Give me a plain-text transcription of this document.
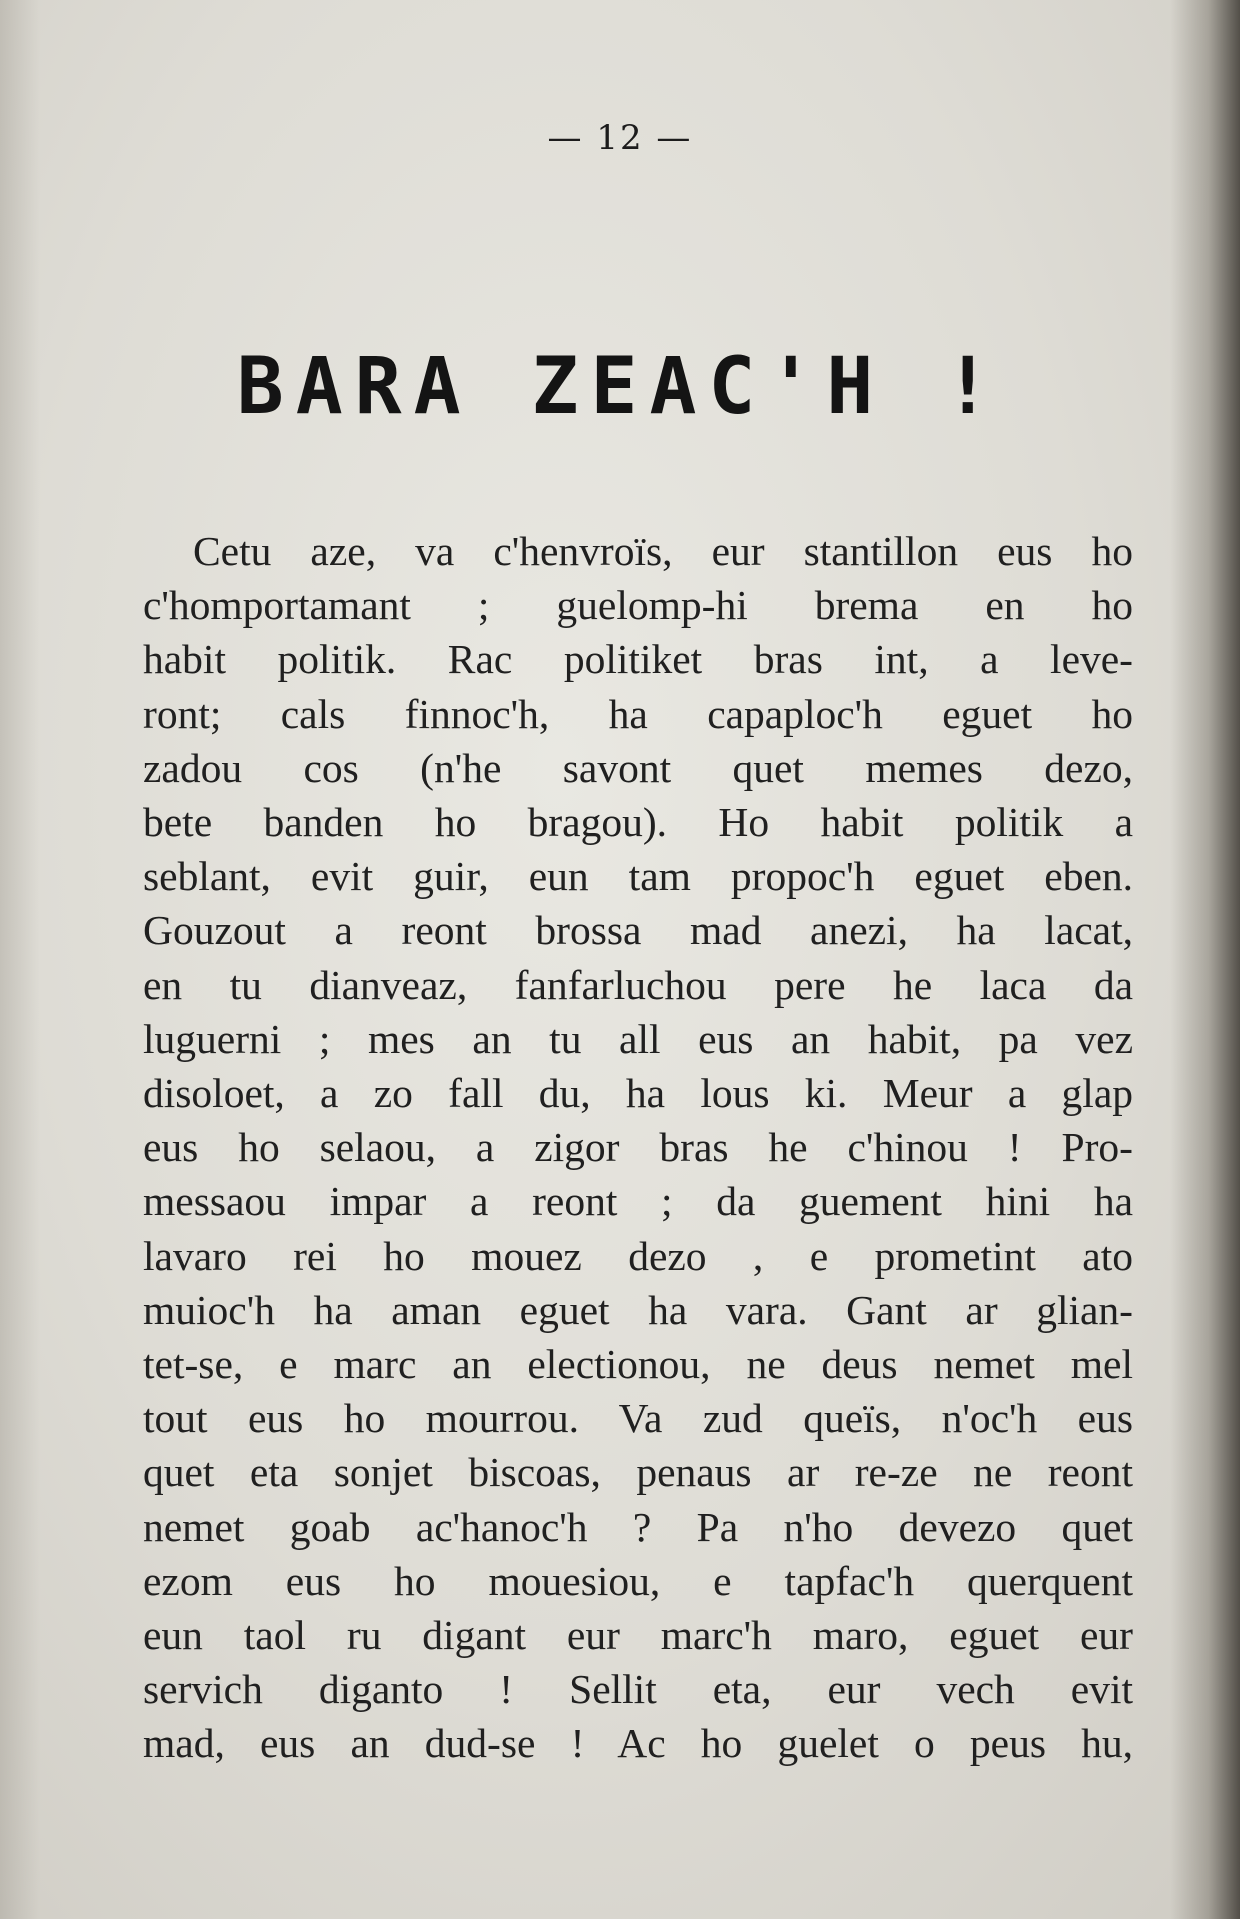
— 12 —
BARA ZEAC'H !
Cetu aze, va c'henvroïs, eur stantillon eus ho
c'homportamant ; guelomp-hi brema en ho
habit politik. Rac politiket bras int, a leve-
ront; cals finnoc'h, ha capaploc'h eguet ho
zadou cos (n'he savont quet memes dezo,
bete banden ho bragou). Ho habit politik a
seblant, evit guir, eun tam propoc'h eguet eben.
Gouzout a reont brossa mad anezi, ha lacat,
en tu dianveaz, fanfarluchou pere he laca da
luguerni ; mes an tu all eus an habit, pa vez
disoloet, a zo fall du, ha lous ki. Meur a glap
eus ho selaou, a zigor bras he c'hinou ! Pro-
messaou impar a reont ; da guement hini ha
lavaro rei ho mouez dezo , e prometint ato
muioc'h ha aman eguet ha vara. Gant ar glian-
tet-se, e marc an electionou, ne deus nemet mel
tout eus ho mourrou. Va zud queïs, n'oc'h eus
quet eta sonjet biscoas, penaus ar re-ze ne reont
nemet goab ac'hanoc'h ? Pa n'ho devezo quet
ezom eus ho mouesiou, e tapfac'h querquent
eun taol ru digant eur marc'h maro, eguet eur
servich diganto ! Sellit eta, eur vech evit
mad, eus an dud-se ! Ac ho guelet o peus hu,
